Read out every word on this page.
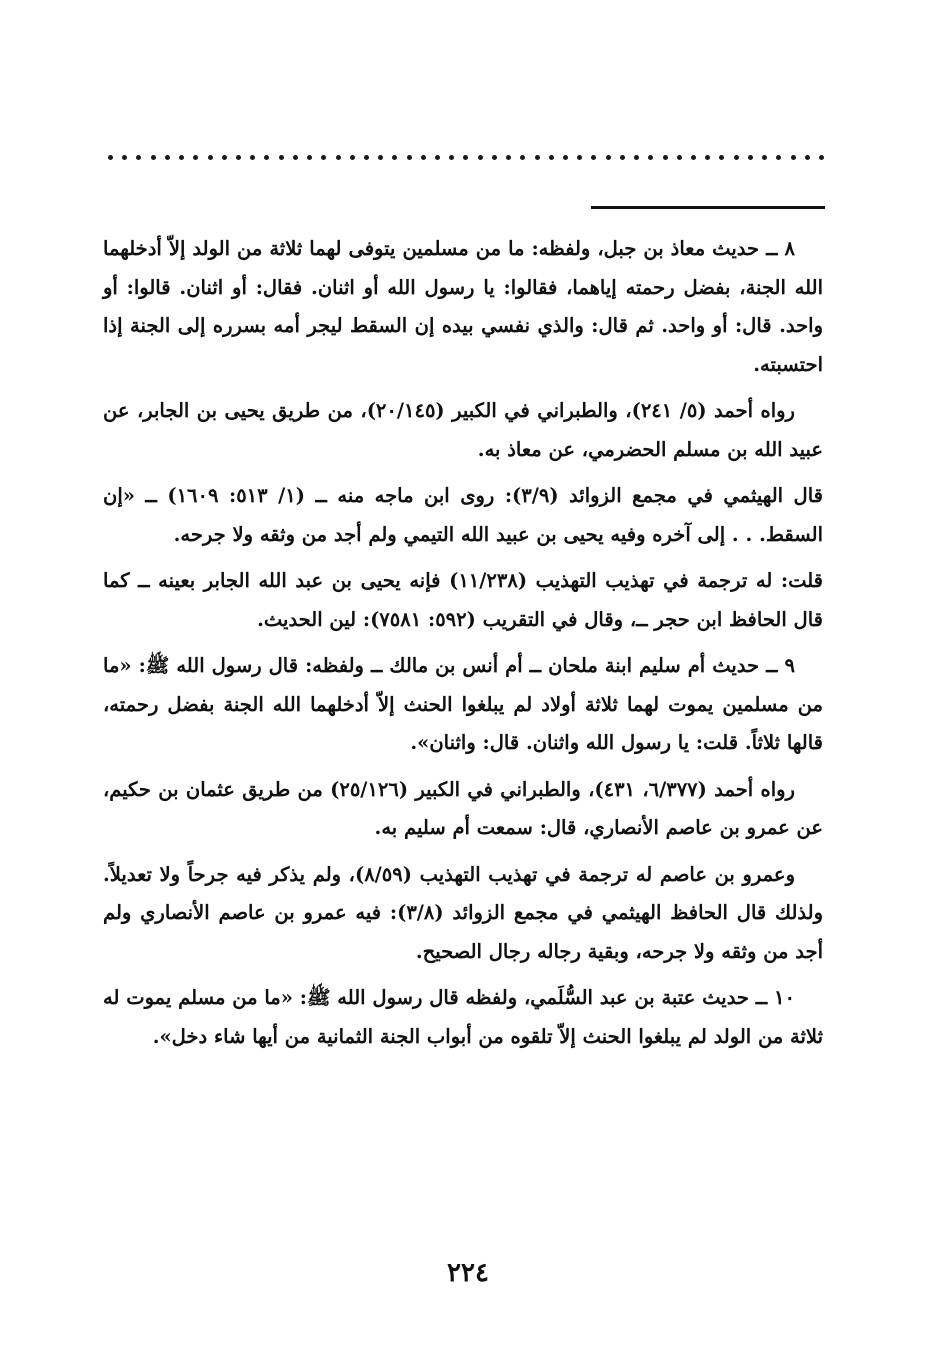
٨ ــ حديث معاذ بن جبل، ولفظه: ما من مسلمين يتوفى لهما ثلاثة من الولد إلاّ أدخلهما الله الجنة، بفضل رحمته إياهما، فقالوا: يا رسول الله أو اثنان. فقال: أو اثنان. قالوا: أو واحد. قال: أو واحد. ثم قال: والذي نفسي بيده إن السقط ليجر أمه بسرره إلى الجنة إذا احتسبته.

رواه أحمد (٥/ ٢٤١)، والطبراني في الكبير (٢٠/١٤٥)، من طريق يحيى بن الجابر، عن عبيد الله بن مسلم الحضرمي، عن معاذ به.

قال الهيثمي في مجمع الزوائد (٣/٩): روى ابن ماجه منه ــ (١/ ٥١٣: ١٦٠٩) ــ «إن السقط. . . إلى آخره وفيه يحيى بن عبيد الله التيمي ولم أجد من وثقه ولا جرحه.

قلت: له ترجمة في تهذيب التهذيب (١١/٢٣٨) فإنه يحيى بن عبد الله الجابر بعينه ــ كما قال الحافظ ابن حجر ــ، وقال في التقريب (٥٩٢: ٧٥٨١): لين الحديث.

٩ ــ حديث أم سليم ابنة ملحان ــ أم أنس بن مالك ــ ولفظه: قال رسول الله ﷺ: «ما من مسلمين يموت لهما ثلاثة أولاد لم يبلغوا الحنث إلاّ أدخلهما الله الجنة بفضل رحمته، قالها ثلاثاً. قلت: يا رسول الله واثنان. قال: واثنان».

رواه أحمد (٦/٣٧٧، ٤٣١)، والطبراني في الكبير (٢٥/١٢٦) من طريق عثمان بن حكيم، عن عمرو بن عاصم الأنصاري، قال: سمعت أم سليم به.

وعمرو بن عاصم له ترجمة في تهذيب التهذيب (٨/٥٩)، ولم يذكر فيه جرحاً ولا تعديلاً. ولذلك قال الحافظ الهيثمي في مجمع الزوائد (٣/٨): فيه عمرو بن عاصم الأنصاري ولم أجد من وثقه ولا جرحه، وبقية رجاله رجال الصحيح.

١٠ ــ حديث عتبة بن عبد السُّلَمي، ولفظه قال رسول الله ﷺ: «ما من مسلم يموت له ثلاثة من الولد لم يبلغوا الحنث إلاّ تلقوه من أبواب الجنة الثمانية من أيها شاء دخل».

٢٢٤
